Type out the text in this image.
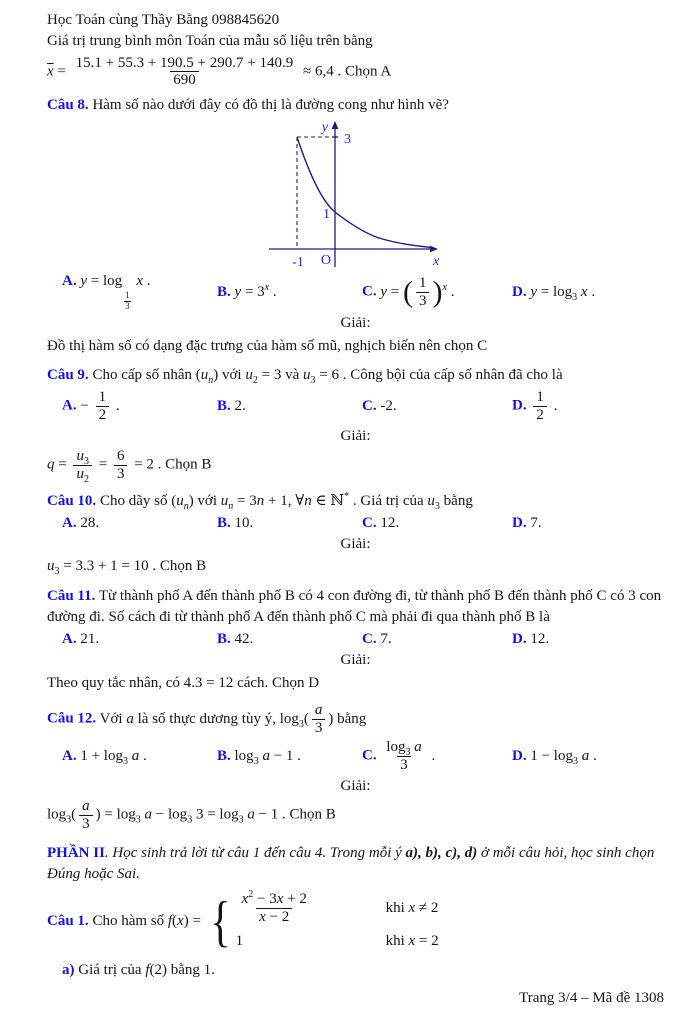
Học Toán cùng Thầy Bằng 098845620

Giá trị trung bình môn Toán của mẫu số liệu trên bằng

$\overline{x} = \frac{15.1 + 55.3 + 190.5 + 290.7 + 140.9}{690} \approx 6,4$ . Chọn A

Câu 8. Hàm số nào dưới đây có đồ thị là đường cong như hình vẽ?

y
3
1
O
-1	x
A. y = log
$\frac{1}{3}$
x .
B. $y = 3^x$ .	C. y = ( $\frac{1}{3} )^x$ .	D. $y = \log_3 x$ .

Giải:

Đồ thị hàm số có dạng đặc trưng của hàm số mũ, nghịch biến nên chọn C

Câu 9. Cho cấp số nhân $(u_n)$ với $u_2 = 3$ và $u_3 = 6$ . Công bội của cấp số nhân đã cho là

A. − $\frac{1}{2}$ .	B. 2.	C. -2.	D. $\frac{1}{2}$ .

Giải:

$q = \frac{u_3}{u_2} = \frac{6}{3} = 2$ . Chọn B

Câu 10. Cho dãy số $(u_n)$ với $u_n = 3n + 1$, ∀n ∈ ℕ* . Giá trị của $u_3$ bằng

A. 28.	B. 10.	C. 12.	D. 7.

Giải:

$u_3 = 3.3 + 1 = 10$ . Chọn B

Câu 11. Từ thành phố A đến thành phố B có 4 con đường đi, từ thành phố B đến thành phố C có 3 con đường đi. Số cách đi từ thành phố A đến thành phố C mà phải đi qua thành phố B là

A. 21.	B. 42.	C. 7.	D. 12.

Giải:

Theo quy tắc nhân, có 4.3 = 12 cách. Chọn D

Câu 12. Với a là số thực dương tùy ý, $\log_3( \frac{a}{3}$ ) bằng

A. $1 + \log_3 a$ .	B. $\log_3 a - 1$ .	C. $\frac{\log_3 a}{3}$ .	D. $1 - \log_3 a$ .

Giải:

$\log_3( \frac{a}{3}$ ) = $\log_3 a - \log_3 3 = \log_3 a - 1$ . Chọn B

PHẦN II. Học sinh trả lời từ câu 1 đến câu 4. Trong mỗi ý a), b), c), d) ở mỗi câu hỏi, học sinh chọn Đúng hoặc Sai.

Câu 1. Cho hàm số f(x) = { $\frac{x^2 - 3x + 2}{x - 2}$	khi x ≠ 2
1	khi x = 2

a) Giá trị của f(2) bằng 1.

Trang 3/4 – Mã đề 1308
